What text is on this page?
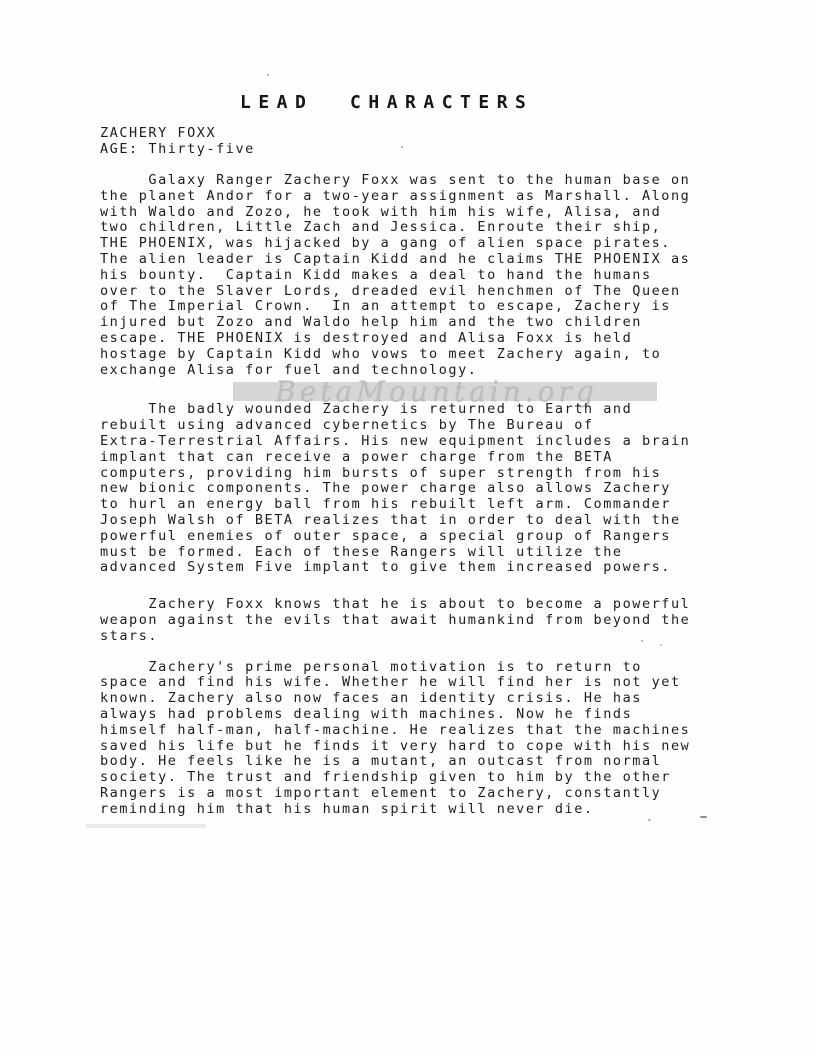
LEAD  CHARACTERS
ZACHERY FOXX
AGE: Thirty-five
BetaMountain.org

Galaxy Ranger Zachery Foxx was sent to the human base on
the planet Andor for a two-year assignment as Marshall. Along
with Waldo and Zozo, he took with him his wife, Alisa, and
two children, Little Zach and Jessica. Enroute their ship,
THE PHOENIX, was hijacked by a gang of alien space pirates.
The alien leader is Captain Kidd and he claims THE PHOENIX as
his bounty.  Captain Kidd makes a deal to hand the humans
over to the Slaver Lords, dreaded evil henchmen of The Queen
of The Imperial Crown.  In an attempt to escape, Zachery is
injured but Zozo and Waldo help him and the two children
escape. THE PHOENIX is destroyed and Alisa Foxx is held
hostage by Captain Kidd who vows to meet Zachery again, to
exchange Alisa for fuel and technology.

The badly wounded Zachery is returned to Earth and
rebuilt using advanced cybernetics by The Bureau of
Extra-Terrestrial Affairs. His new equipment includes a brain
implant that can receive a power charge from the BETA
computers, providing him bursts of super strength from his
new bionic components. The power charge also allows Zachery
to hurl an energy ball from his rebuilt left arm. Commander
Joseph Walsh of BETA realizes that in order to deal with the
powerful enemies of outer space, a special group of Rangers
must be formed. Each of these Rangers will utilize the
advanced System Five implant to give them increased powers.

Zachery Foxx knows that he is about to become a powerful
weapon against the evils that await humankind from beyond the
stars.

Zachery's prime personal motivation is to return to
space and find his wife. Whether he will find her is not yet
known. Zachery also now faces an identity crisis. He has
always had problems dealing with machines. Now he finds
himself half-man, half-machine. He realizes that the machines
saved his life but he finds it very hard to cope with his new
body. He feels like he is a mutant, an outcast from normal
society. The trust and friendship given to him by the other
Rangers is a most important element to Zachery, constantly
reminding him that his human spirit will never die.
